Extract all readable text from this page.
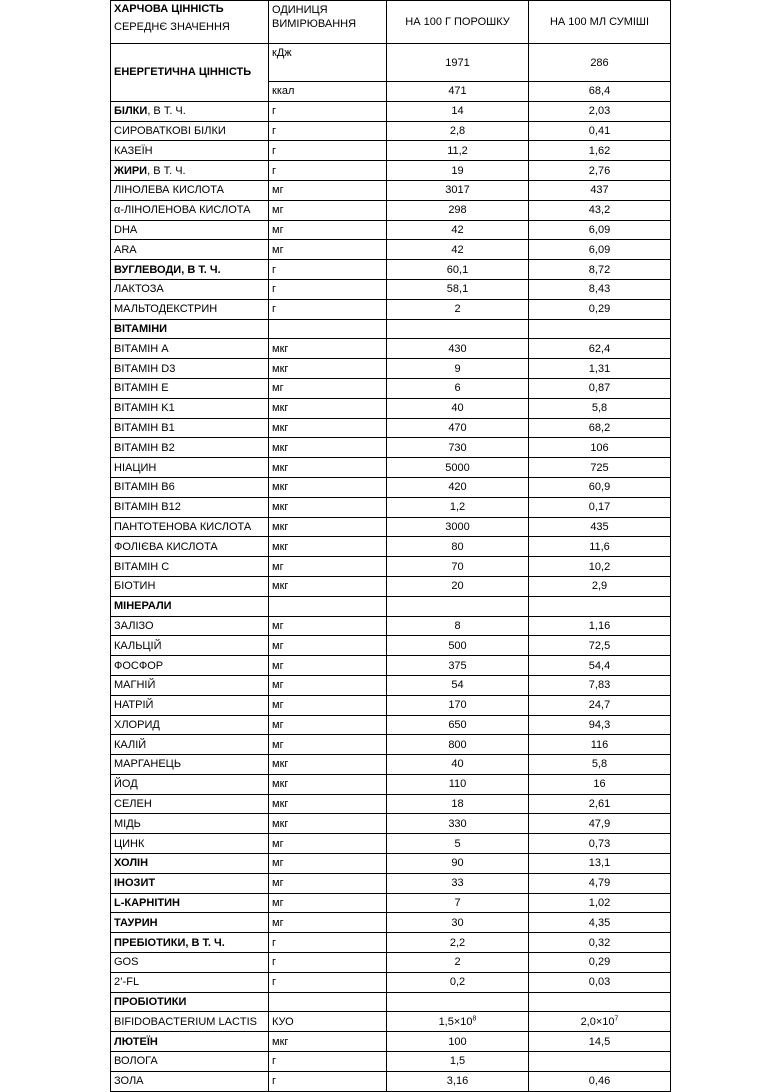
ХАРЧОВА ЦІННІСТЬ
СЕРЕДНЄ ЗНАЧЕННЯ	ОДИНИЦЯ ВИМІРЮВАННЯ	НА 100 Г ПОРОШКУ	НА 100 МЛ СУМІШІ
ЕНЕРГЕТИЧНА ЦІННІСТЬ	кДж	1971	286
	ккал	471	68,4
БІЛКИ, В Т. Ч.	г	14	2,03
СИРОВАТКОВІ БІЛКИ	г	2,8	0,41
КАЗЕЇН	г	11,2	1,62
ЖИРИ, В Т. Ч.	г	19	2,76
ЛІНОЛЕВА КИСЛОТА	мг	3017	437
α-ЛІНОЛЕНОВА КИСЛОТА	мг	298	43,2
DHA	мг	42	6,09
ARA	мг	42	6,09
ВУГЛЕВОДИ, В Т. Ч.	г	60,1	8,72
ЛАКТОЗА	г	58,1	8,43
МАЛЬТОДЕКСТРИН	г	2	0,29
ВІТАМІНИ			
ВІТАМІН А	мкг	430	62,4
ВІТАМІН D3	мкг	9	1,31
ВІТАМІН Е	мг	6	0,87
ВІТАМІН K1	мкг	40	5,8
ВІТАМІН B1	мкг	470	68,2
ВІТАМІН B2	мкг	730	106
НІАЦИН	мкг	5000	725
ВІТАМІН В6	мкг	420	60,9
ВІТАМІН В12	мкг	1,2	0,17
ПАНТОТЕНОВА КИСЛОТА	мкг	3000	435
ФОЛІЄВА КИСЛОТА	мкг	80	11,6
ВІТАМІН С	мг	70	10,2
БІОТИН	мкг	20	2,9
МІНЕРАЛИ			
ЗАЛІЗО	мг	8	1,16
КАЛЬЦІЙ	мг	500	72,5
ФОСФОР	мг	375	54,4
МАГНІЙ	мг	54	7,83
НАТРІЙ	мг	170	24,7
ХЛОРИД	мг	650	94,3
КАЛІЙ	мг	800	116
МАРГАНЕЦЬ	мкг	40	5,8
ЙОД	мкг	110	16
СЕЛЕН	мкг	18	2,61
МІДЬ	мкг	330	47,9
ЦИНК	мг	5	0,73
ХОЛІН	мг	90	13,1
ІНОЗИТ	мг	33	4,79
L-КАРНІТИН	мг	7	1,02
ТАУРИН	мг	30	4,35
ПРЕБІОТИКИ, В Т. Ч.	г	2,2	0,32
GOS	г	2	0,29
2’-FL	г	0,2	0,03
ПРОБІОТИКИ			
BIFIDOBACTERIUM LACTIS	КУО	$1,5\times 10^8$	$2,0\times 10^7$
ЛЮТЕЇН	мкг	100	14,5
ВОЛОГА	г	1,5	
ЗОЛА	г	3,16	0,46
